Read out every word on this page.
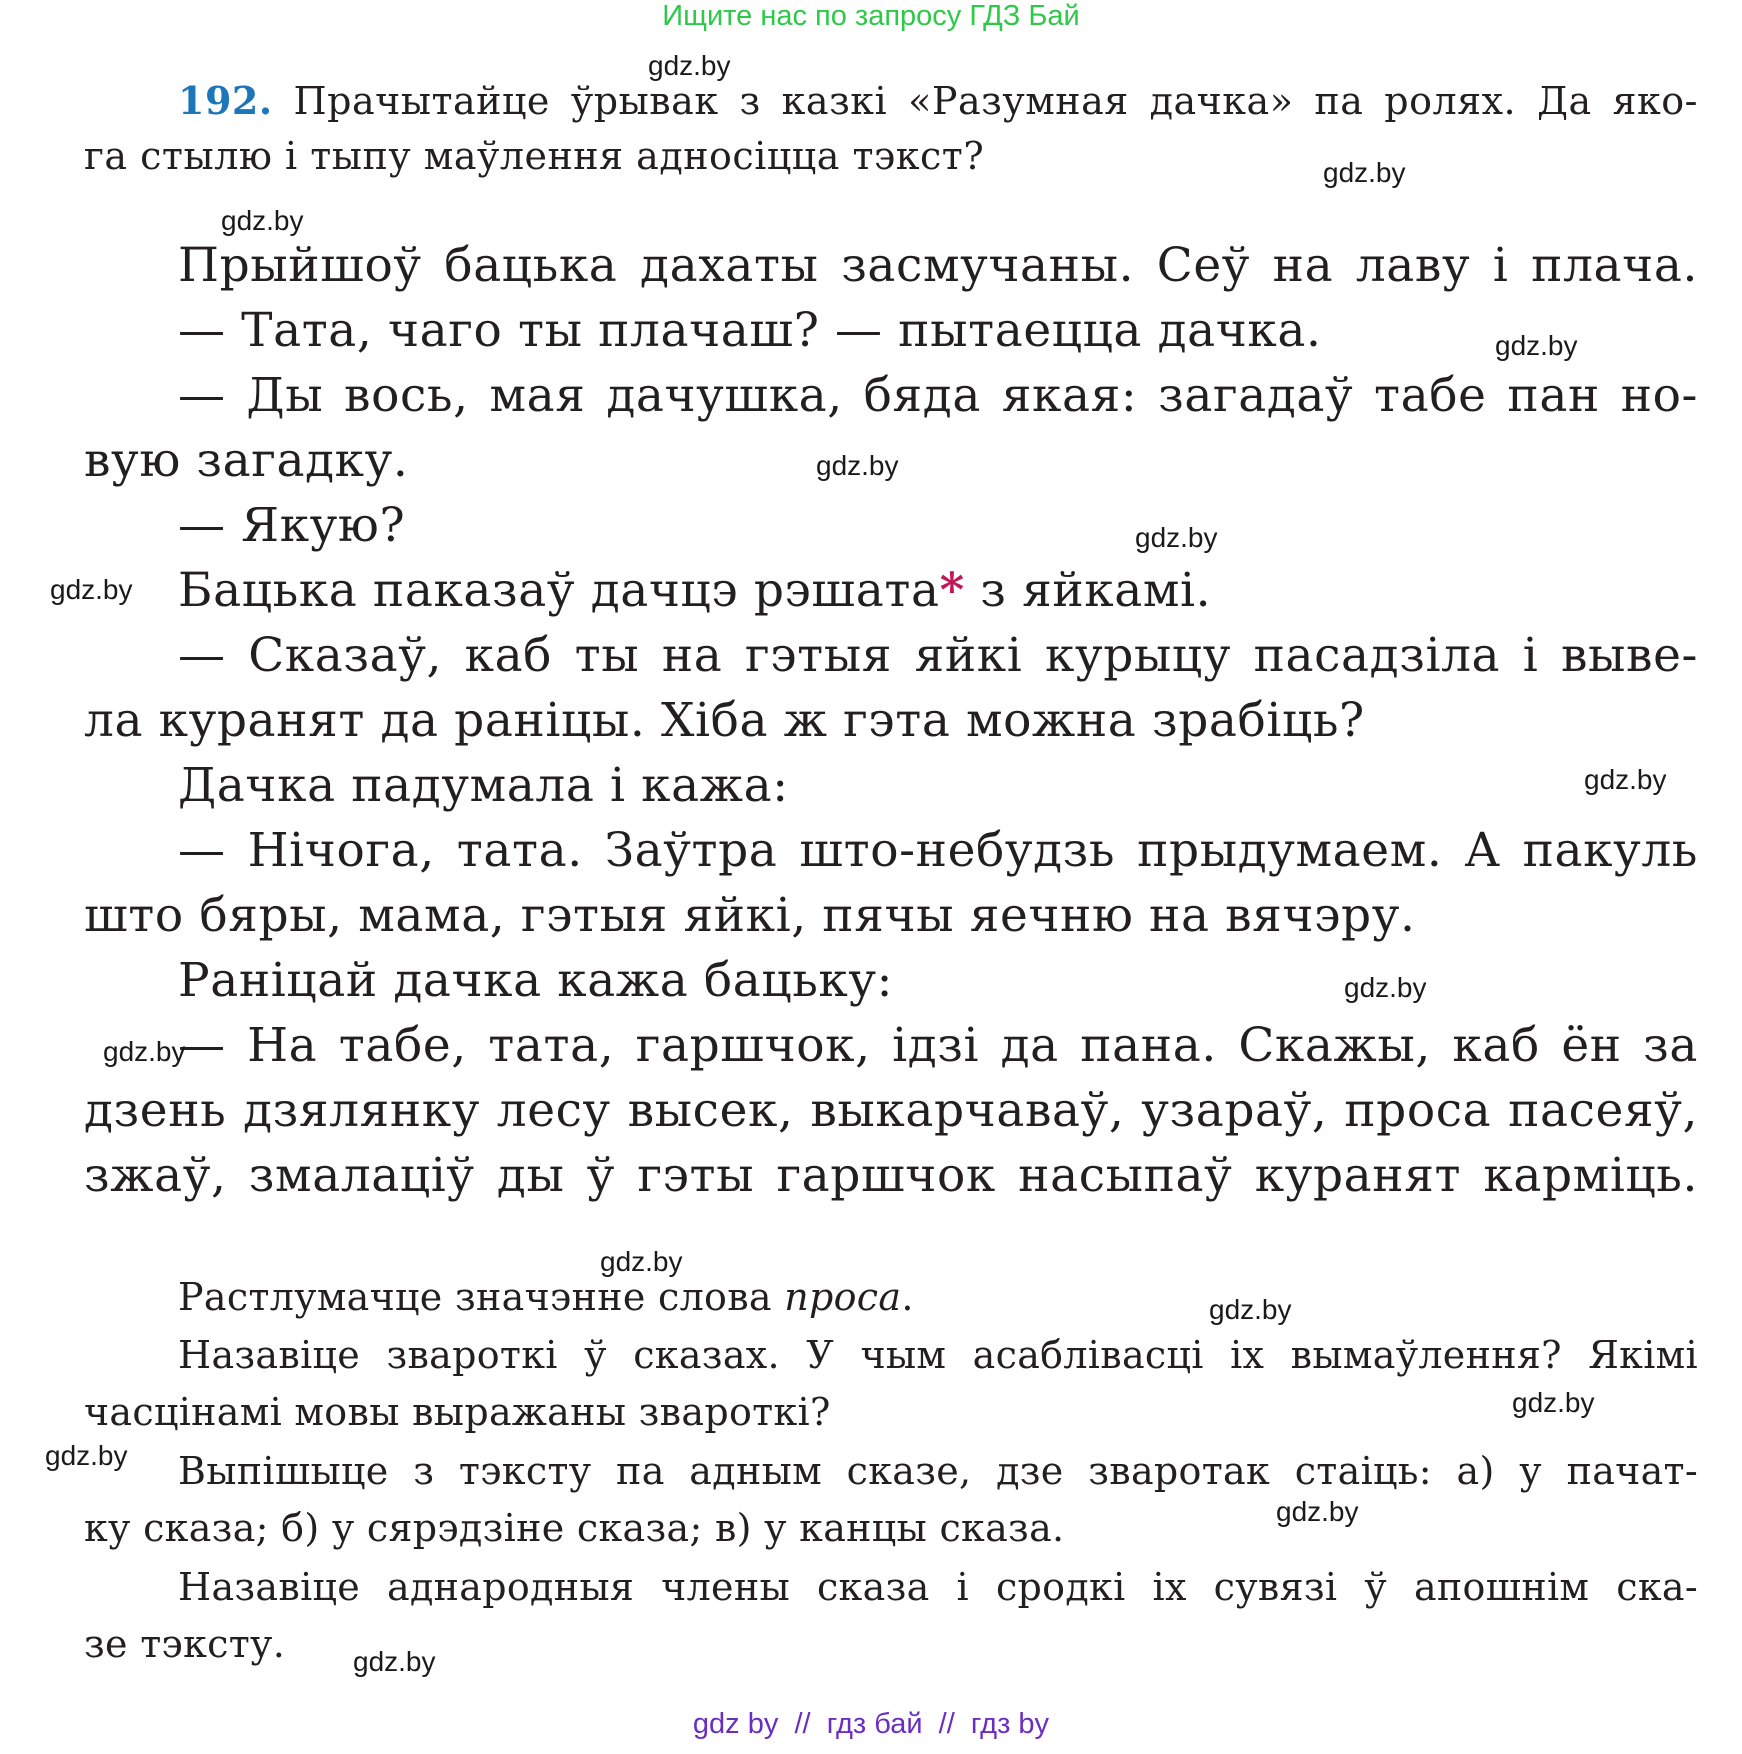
Ищите нас по запросу ГДЗ Бай
192. Прачытайце ўрывак з казкі «Разумная дачка» па ролях. Да яко-
га стылю і тыпу маўлення адносіцца тэкст?
Прыйшоў бацька дахаты засмучаны. Сеў на лаву і плача.
— Тата, чаго ты плачаш? — пытаецца дачка.
— Ды вось, мая дачушка, бяда якая: загадаў табе пан но-
вую загадку.
— Якую?
Бацька паказаў дачцэ рэшата* з яйкамі.
— Сказаў, каб ты на гэтыя яйкі курыцу пасадзіла і выве-
ла куранят да раніцы. Хіба ж гэта можна зрабіць?
Дачка падумала і кажа:
— Нічога, тата. Заўтра што-небудзь прыдумаем. А пакуль
што бяры, мама, гэтыя яйкі, пячы яечню на вячэру.
Раніцай дачка кажа бацьку:
— На табе, тата, гаршчок, ідзі да пана. Скажы, каб ён за
дзень дзялянку лесу высек, выкарчаваў, узараў, проса пасеяў,
зжаў, змалаціў ды ў гэты гаршчок насыпаў куранят карміць.
Растлумачце значэнне слова проса.
Назавіце звароткі ў сказах. У чым асаблівасці іх вымаўлення? Якімі
часцінамі мовы выражаны звароткі?
Выпішыце з тэксту па адным сказе, дзе зваротак стаіць: а) у пачат-
ку сказа; б) у сярэдзіне сказа; в) у канцы сказа.
Назавіце аднародныя члены сказа і сродкі іх сувязі ў апошнім ска-
зе тэксту.
gdz.by
gdz.by
gdz.by
gdz.by
gdz.by
gdz.by
gdz.by
gdz.by
gdz.by
gdz.by
gdz.by
gdz.by
gdz.by
gdz.by
gdz.by
gdz.by
gdz by  //  гдз бай  //  гдз by
